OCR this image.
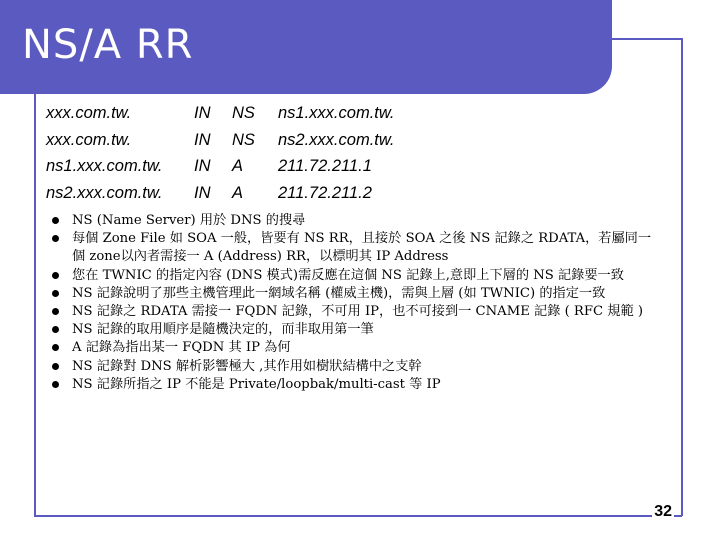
NS/A RR
xxx.com.tw.	IN NS ns1.xxx.com.tw.
xxx.com.tw.	IN NS ns2.xxx.com.tw.
ns1.xxx.com.tw. IN A 211.72.211.1
ns2.xxx.com.tw. IN A 211.72.211.2
NS (Name Server) 用於 DNS 的搜尋
每個 Zone File 如 SOA 一般，皆要有 NS RR，且接於 SOA 之後 NS 記錄之 RDATA，若屬同一個 zone以內者需接一 A (Address) RR，以標明其 IP Address
您在 TWNIC 的指定內容 (DNS 模式)需反應在這個 NS 記錄上,意即上下層的 NS 記錄要一致
NS 記錄說明了那些主機管理此一網域名稱 (權威主機)，需與上層 (如 TWNIC) 的指定一致
NS 記錄之 RDATA 需接一 FQDN 記錄，不可用 IP，也不可接到一 CNAME 記錄 ( RFC 規範 )
NS 記錄的取用順序是隨機決定的，而非取用第一筆
A 記錄為指出某一 FQDN 其 IP 為何
NS 記錄對 DNS 解析影響極大 ,其作用如樹狀結構中之支幹
NS 記錄所指之 IP 不能是 Private/loopbak/multi-cast 等 IP
32
